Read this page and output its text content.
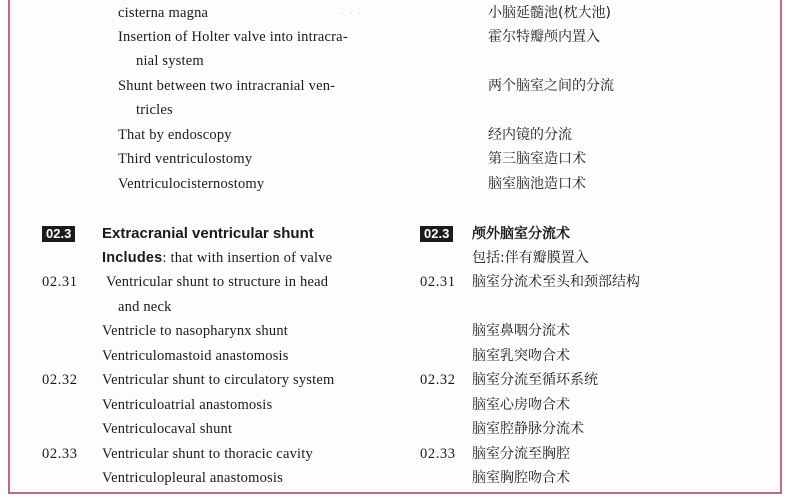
· · ·
cisterna magna
Insertion of Holter valve into intracra-
nial system
Shunt between two intracranial ven-
tricles
That by endoscopy
Third ventriculostomy
Ventriculocisternostomy
02.3 Extracranial ventricular shunt
Includes: that with insertion of valve
02.31 Ventricular shunt to structure in head
and neck
Ventricle to nasopharynx shunt
Ventriculomastoid anastomosis
02.32 Ventricular shunt to circulatory system
Ventriculoatrial anastomosis
Ventriculocaval shunt
02.33 Ventricular shunt to thoracic cavity
Ventriculopleural anastomosis
小脑延髓池(枕大池)
霍尔特瓣颅内置入
两个脑室之间的分流
经内镜的分流
第三脑室造口术
脑室脑池造口术
02.3 颅外脑室分流术
包括:伴有瓣膜置入
02.31 脑室分流术至头和颈部结构
脑室鼻咽分流术
脑室乳突吻合术
02.32 脑室分流至循环系统
脑室心房吻合术
脑室腔静脉分流术
02.33 脑室分流至胸腔
脑室胸腔吻合术
